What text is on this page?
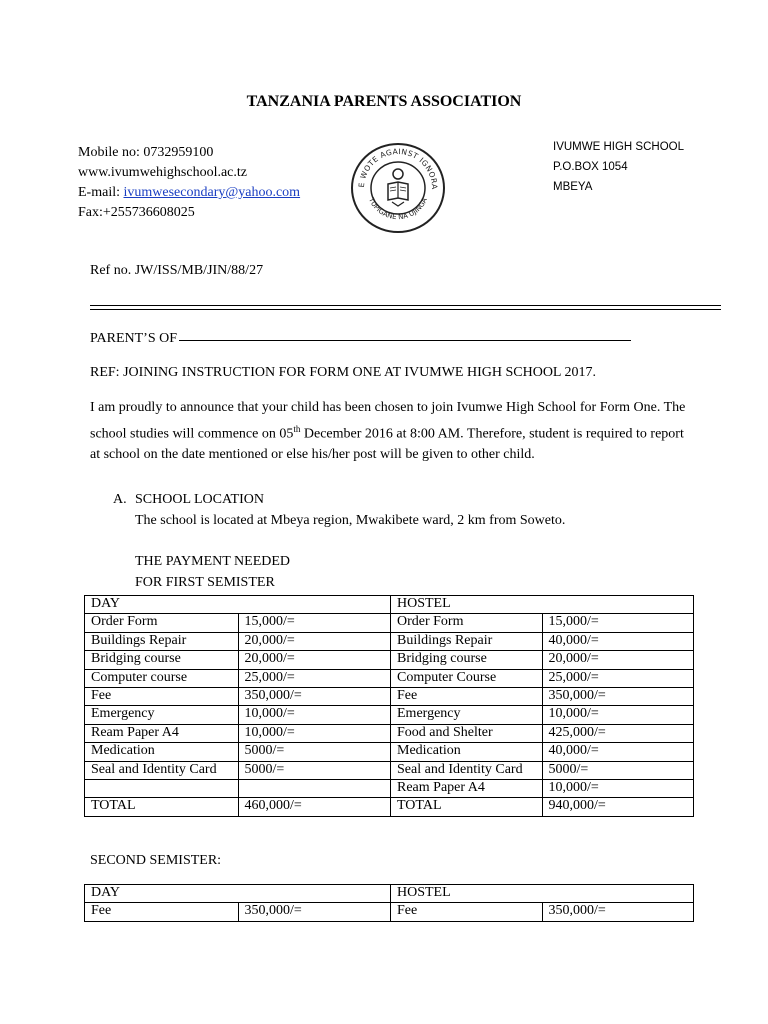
TANZANIA PARENTS ASSOCIATION
Mobile no: 0732959100
www.ivumwehighschool.ac.tz
E-mail: ivumwesecondary@yahoo.com
Fax:+255736608025
E WOTE AGAINST IGNORA
TUPIGANE NA UJINGA
IVUMWE HIGH SCHOOL
P.O.BOX 1054
MBEYA
Ref no. JW/ISS/MB/JIN/88/27
PARENT’S OF
REF: JOINING INSTRUCTION FOR FORM ONE AT IVUMWE HIGH SCHOOL 2017.
I am proudly to announce that your child has been chosen to join Ivumwe High School for Form One. The school studies will commence on 05th December 2016 at 8:00 AM. Therefore, student is required to report at school on the date mentioned or else his/her post will be given to other child.
A. SCHOOL LOCATION
The school is located at Mbeya region, Mwakibete ward, 2 km from Soweto.
THE PAYMENT NEEDED
FOR FIRST SEMISTER
DAY		HOSTEL	
Order Form	15,000/=	Order Form	15,000/=
Buildings Repair	20,000/=	Buildings Repair	40,000/=
Bridging course	20,000/=	Bridging course	20,000/=
Computer course	25,000/=	Computer Course	25,000/=
Fee	350,000/=	Fee	350,000/=
Emergency	10,000/=	Emergency	10,000/=
Ream Paper A4	10,000/=	Food and Shelter	425,000/=
Medication	5000/=	Medication	40,000/=
Seal and Identity Card	5000/=	Seal and Identity Card	5000/=
		Ream Paper A4	10,000/=
TOTAL	460,000/=	TOTAL	940,000/=
SECOND SEMISTER:
DAY		HOSTEL	
Fee	350,000/=	Fee	350,000/=
